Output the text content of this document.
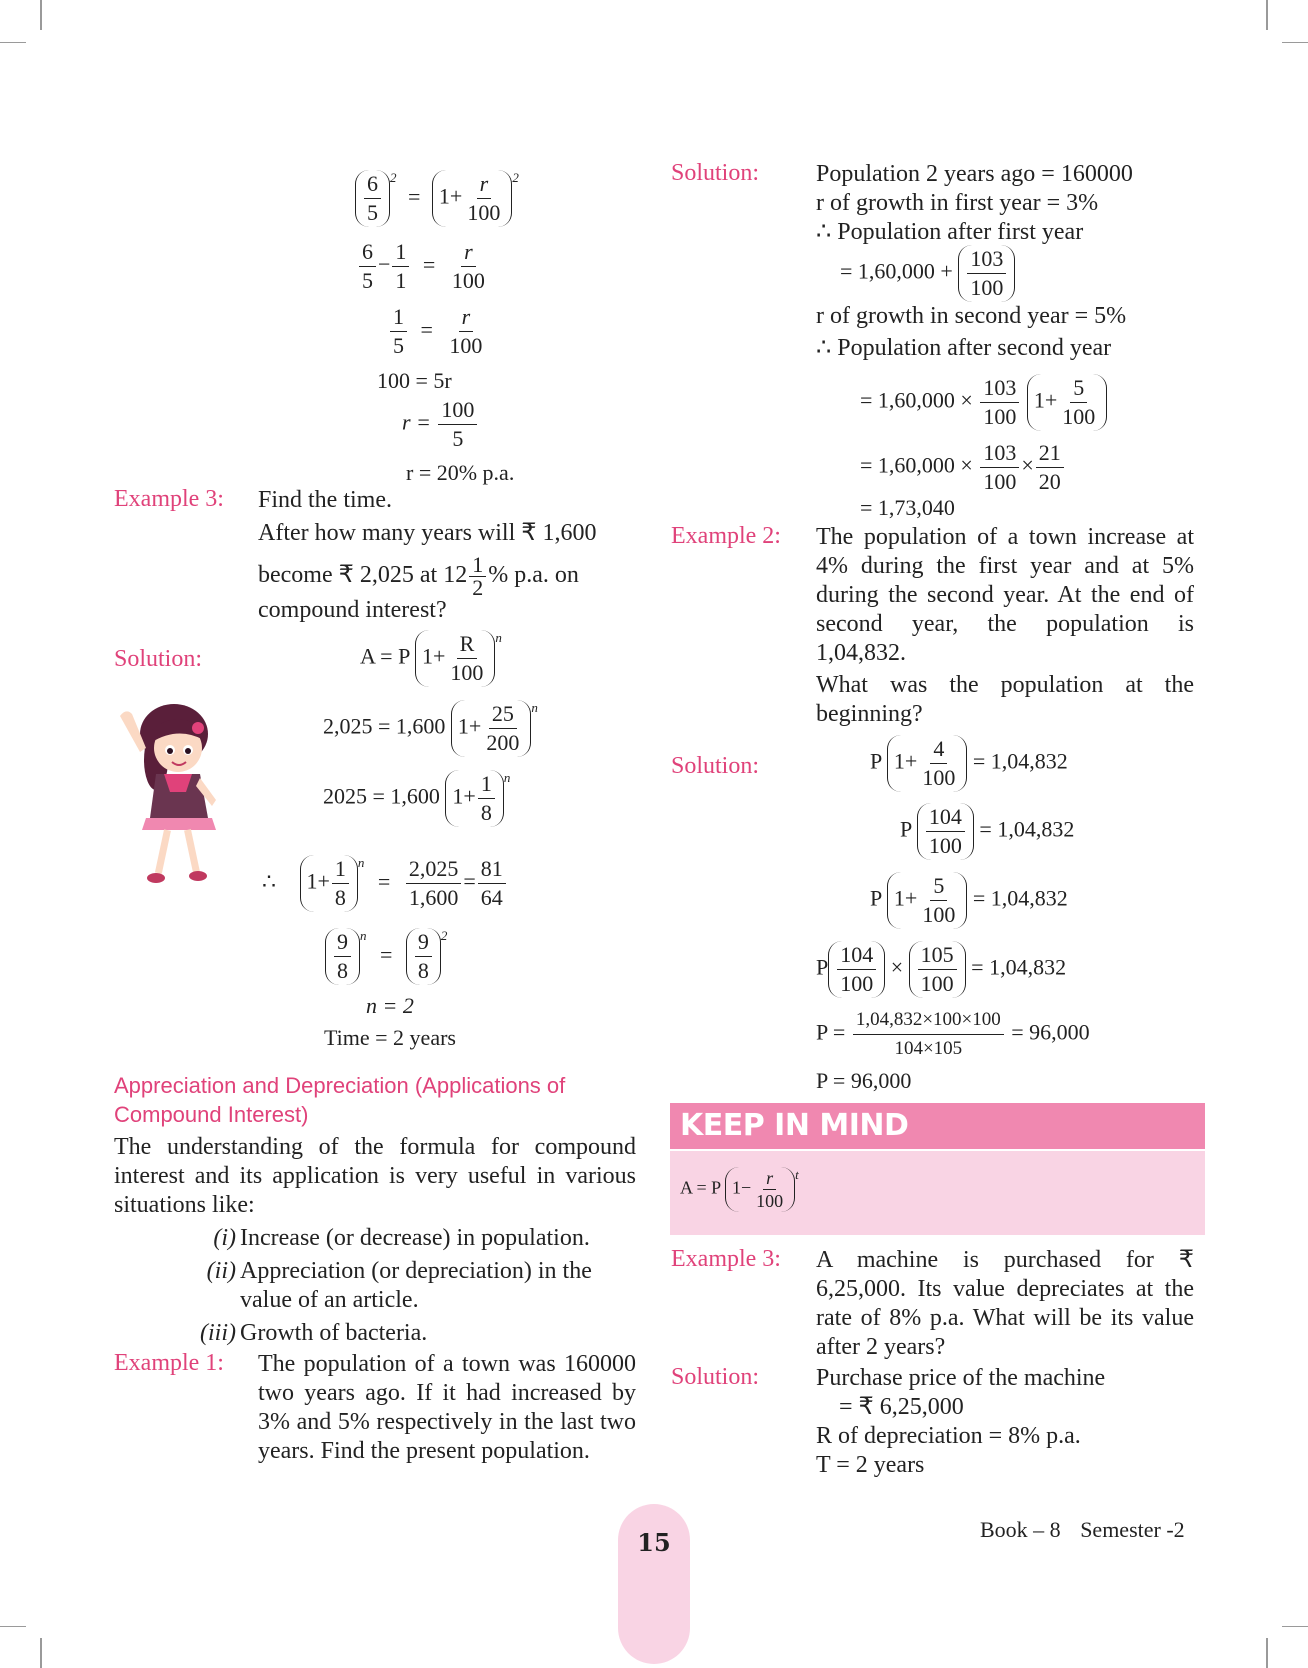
$\frac{6}{5} ^2 = 1+ \frac{r}{100} ^2$
$\frac{6}{5} - \frac{1}{1} = \frac{r}{100}$
$\frac{1}{5} = \frac{r}{100}$
100 = 5r
$r = \frac{100}{5}$
r = 20% p.a.
Example 3: Find the time.
After how many years will ₹ 1,600
become ₹ 2,025 at $12 \frac{1}{2}$ % p.a. on
compound interest?
Solution:	A = P $1+ \frac{R}{100} ^n$
2,025 = 1,600 $1+ \frac{25}{200} ^n$
2025 = 1,600 $1+ \frac{1}{8} ^n$
∴ $1+ \frac{1}{8} ^n = \frac{2,025}{1,600} = \frac{81}{64}$
$\frac{9}{8} ^n = \frac{9}{8} ^2$
n = 2
Time = 2 years
Appreciation and Depreciation (Applications of Compound Interest)
The understanding of the formula for compound interest and its application is very useful in various situations like:
(i) Increase (or decrease) in population.
(ii) Appreciation (or depreciation) in the value of an article.
(iii) Growth of bacteria.
Example 1: The population of a town was 160000 two years ago. If it had increased by 3% and 5% respectively in the last two years. Find the present population.
Solution: Population 2 years ago = 160000
r of growth in first year = 3%
∴ Population after first year
= $1,60,000 + \frac{103}{100}$
r of growth in second year = 5%
∴ Population after second year
= $1,60,000 \times \frac{103}{100} 1+ \frac{5}{100}$
= $1,60,000 \times \frac{103}{100} \times \frac{21}{20}$
= 1,73,040
Example 2: The population of a town increase at 4% during the first year and at 5% during the second year. At the end of second year, the population is 1,04,832.
What was the population at the beginning?
Solution:	P $1+ \frac{4}{100} = 1,04,832$
P $\frac{104}{100} = 1,04,832$
P $1+ \frac{5}{100} = 1,04,832$
P $\frac{104}{100} \times \frac{105}{100} = 1,04,832$
$P = \frac{1,04,832\times 100\times 100}{104\times 105} = 96,000$
P = 96,000
KEEP IN MIND
A = P $1- \frac{r}{100} ^t$
Example 3: A machine is purchased for ₹ 6,25,000. Its value depreciates at the rate of 8% p.a. What will be its value after 2 years?
Solution: Purchase price of the machine
= ₹ 6,25,000
R of depreciation = 8% p.a.
T = 2 years
15	Book – 8 Semester -2
